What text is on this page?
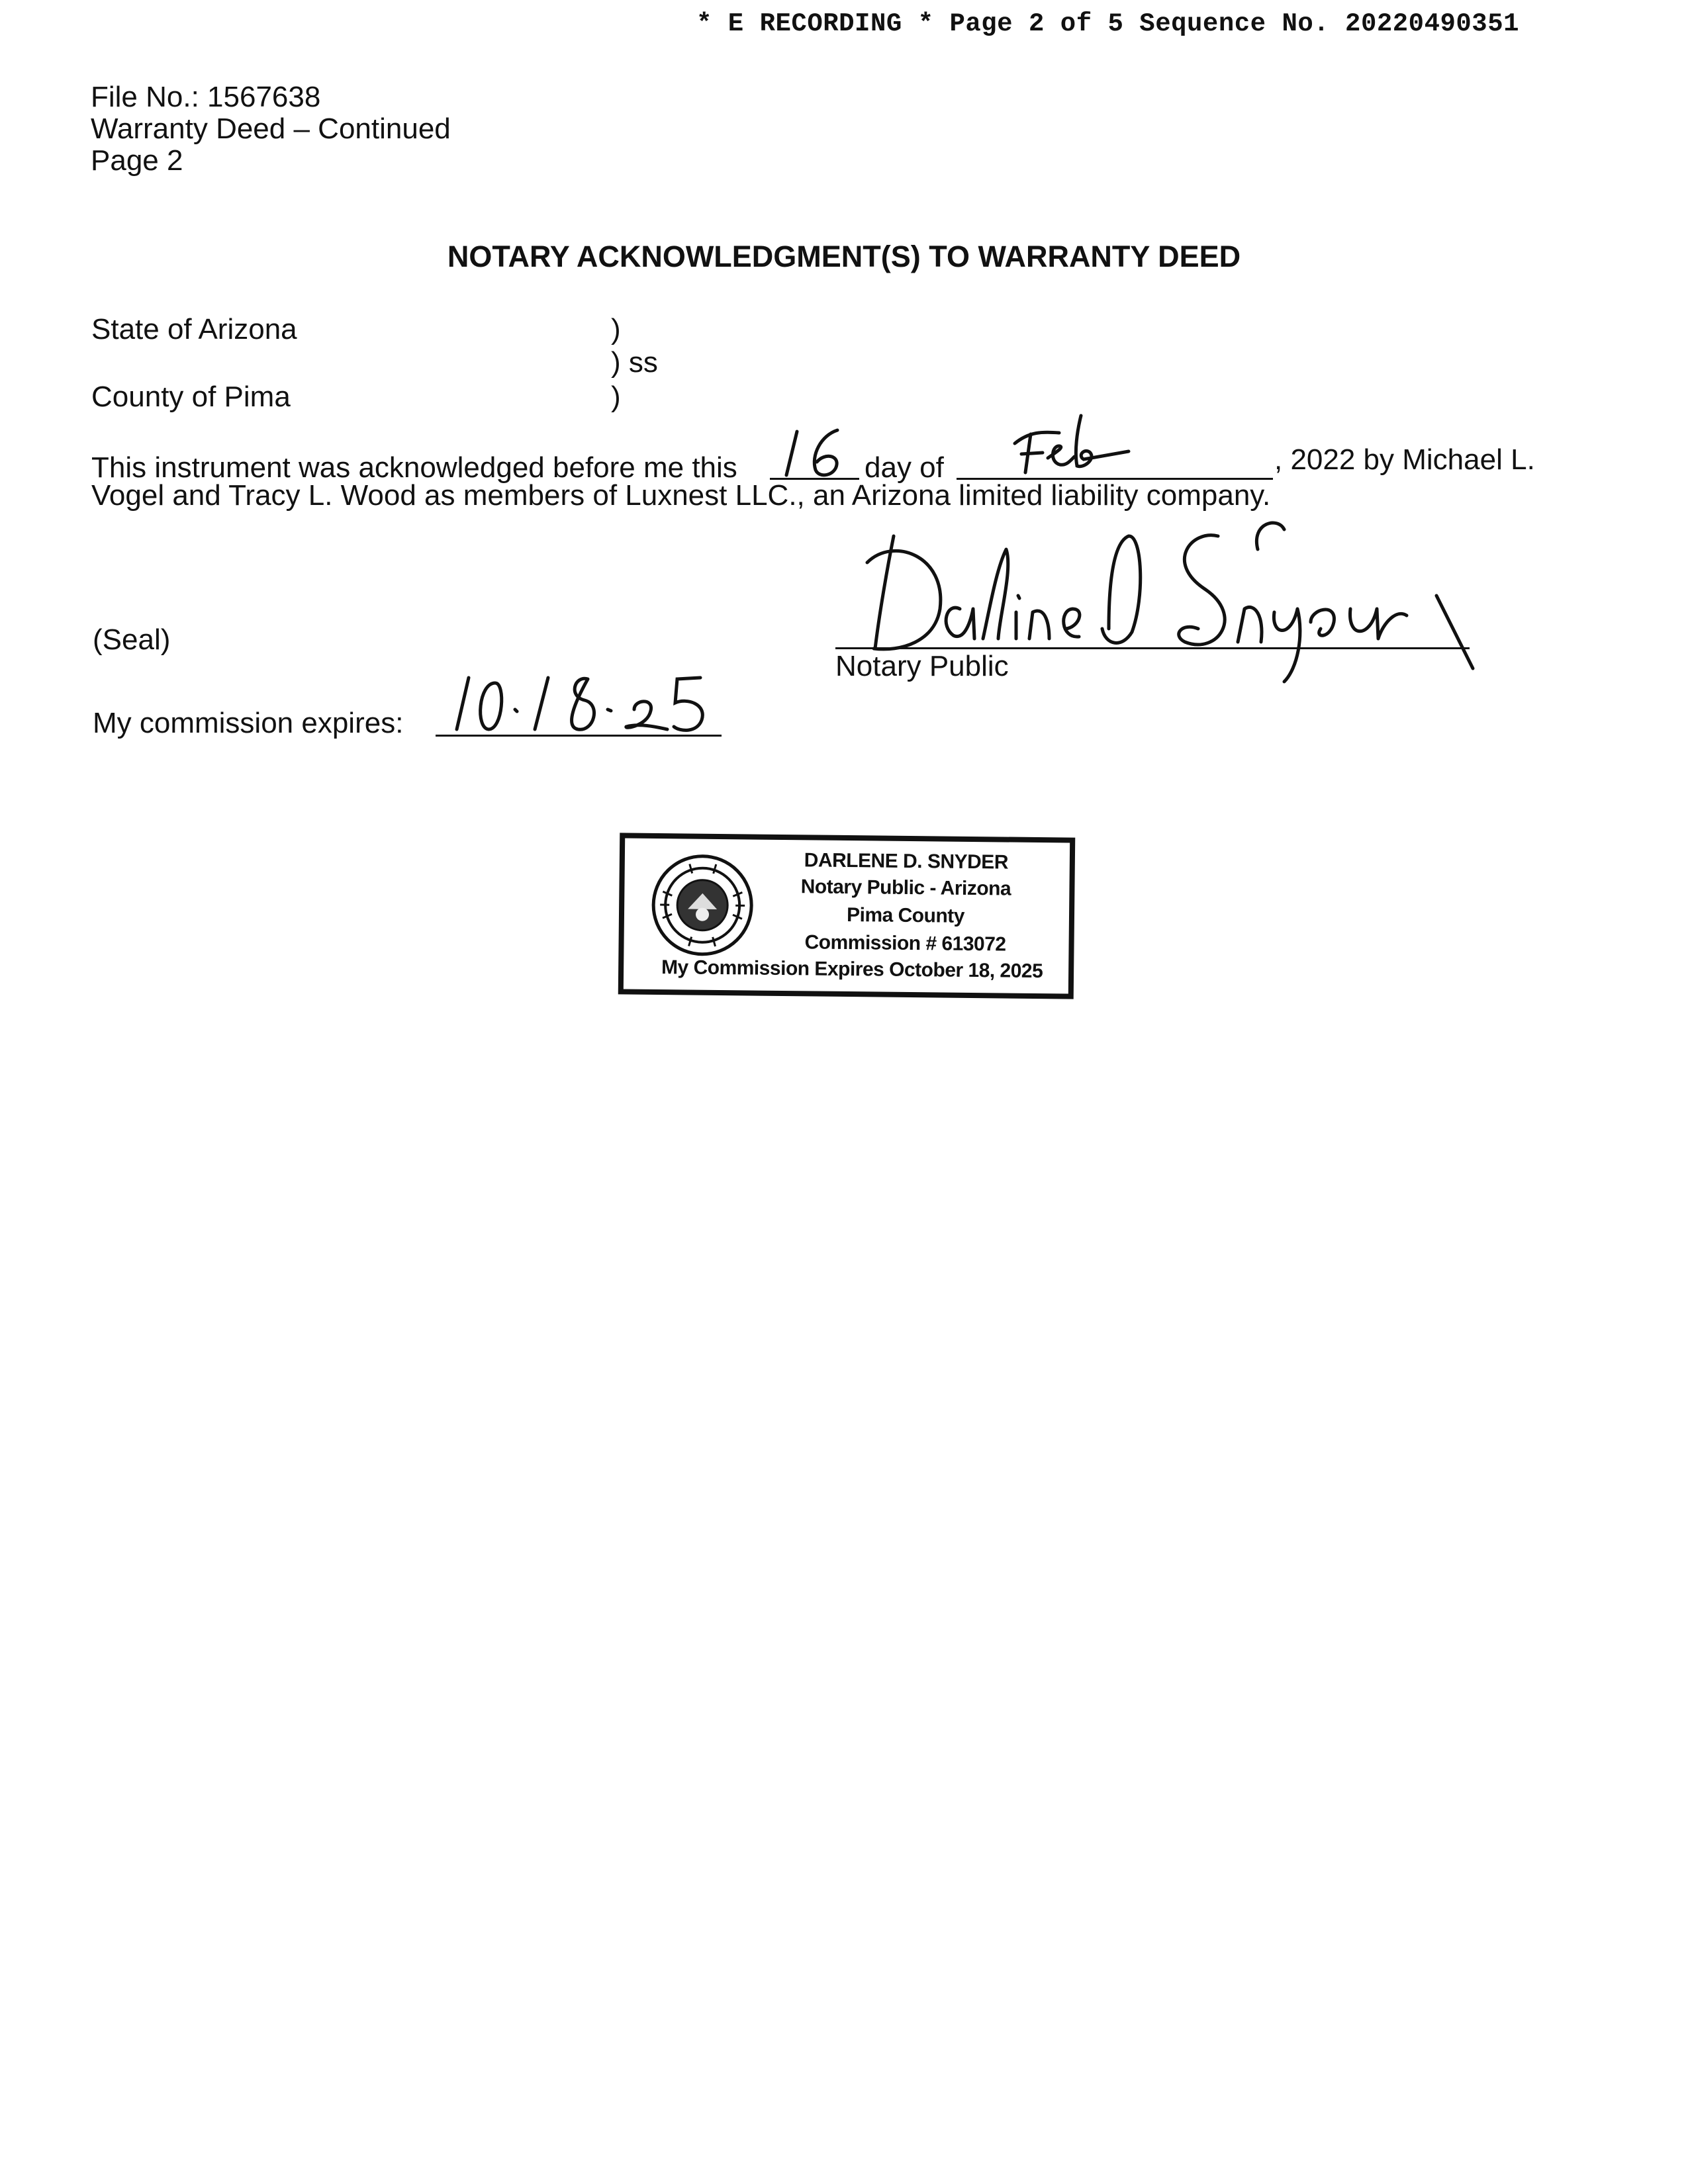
* E RECORDING * Page 2 of 5 Sequence No. 20220490351
File No.: 1567638
Warranty Deed – Continued
Page 2
NOTARY ACKNOWLEDGMENT(S) TO WARRANTY DEED
State of Arizona	)
) ss
)
County of Pima
This instrument was acknowledged before me this	day of	, 2022 by Michael L.
Vogel and Tracy L. Wood as members of Luxnest LLC., an Arizona limited liability company.
(Seal)
Notary Public
My commission expires:
DARLENE D. SNYDER
Notary Public - Arizona
Pima County
Commission # 613072
My Commission Expires October 18, 2025
